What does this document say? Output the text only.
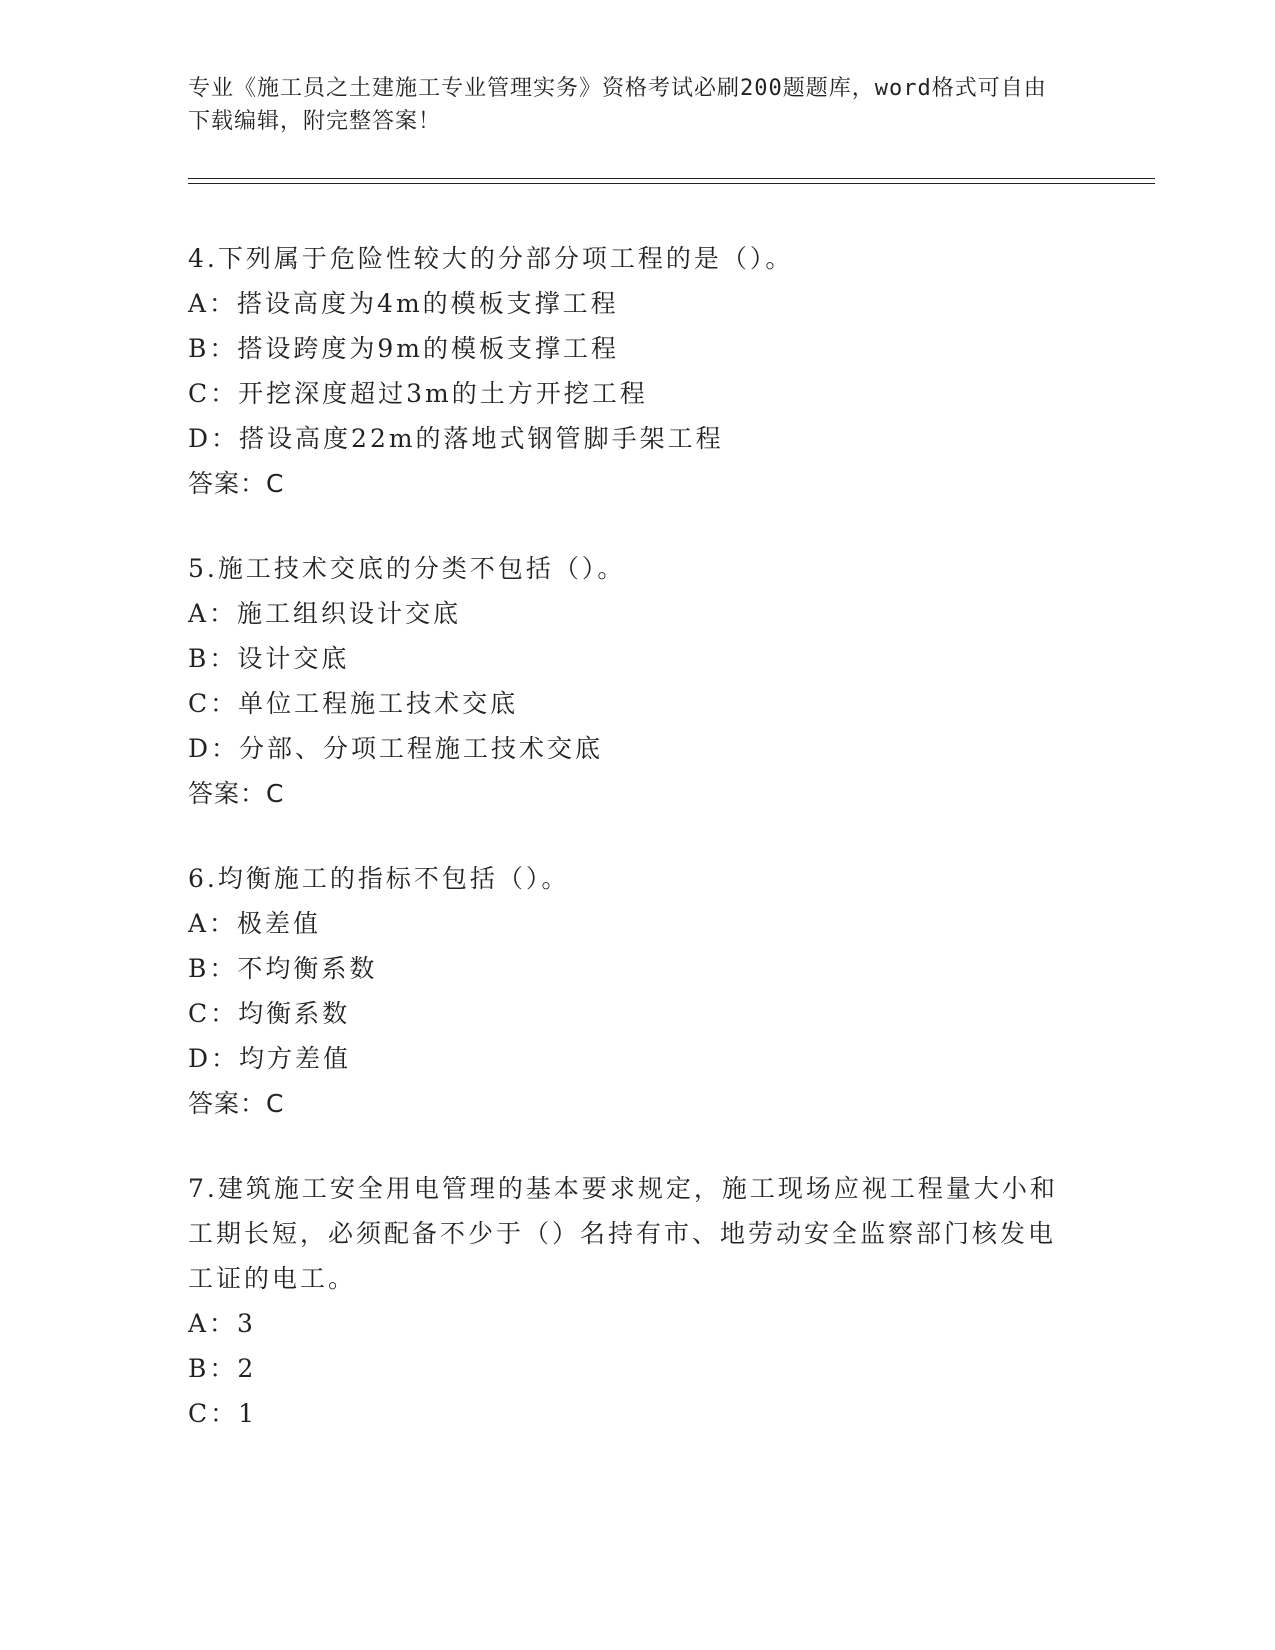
专业《施工员之土建施工专业管理实务》资格考试必刷200题题库，word格式可自由下载编辑，附完整答案！

4.下列属于危险性较大的分部分项工程的是（）。

A：搭设高度为4m的模板支撑工程

B：搭设跨度为9m的模板支撑工程

C：开挖深度超过3m的土方开挖工程

D：搭设高度22m的落地式钢管脚手架工程

答案：C

5.施工技术交底的分类不包括（）。

A：施工组织设计交底

B：设计交底

C：单位工程施工技术交底

D：分部、分项工程施工技术交底

答案：C

6.均衡施工的指标不包括（）。

A：极差值

B：不均衡系数

C：均衡系数

D：均方差值

答案：C

7.建筑施工安全用电管理的基本要求规定，施工现场应视工程量大小和工期长短，必须配备不少于（）名持有市、地劳动安全监察部门核发电工证的电工。

A：3

B：2

C：1
